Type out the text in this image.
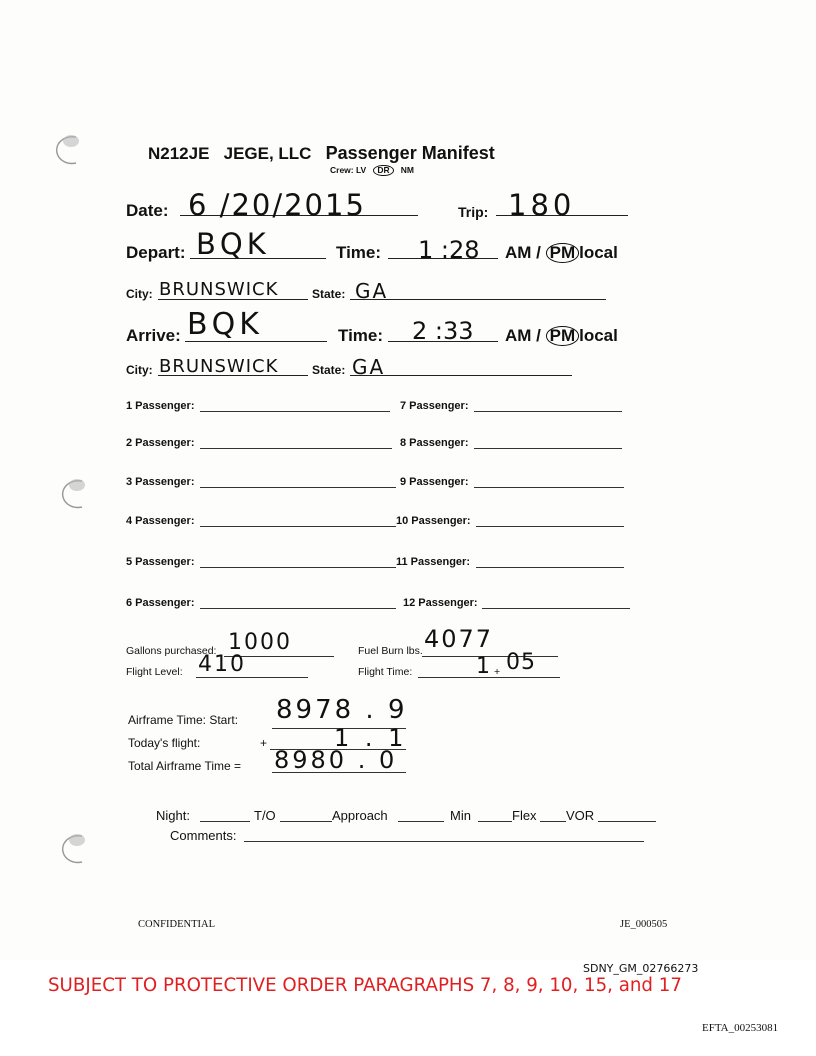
N212JE JEGE, LLC Passenger Manifest
Crew: LV DR NM
Date: 6 /20/2015	Trip: 180
Depart: BQK	Time: 1 :28 AM / PM local
City: BRUNSWICK	State: GA
Arrive: BQK	Time: 2 :33 AM / PM local
City: BRUNSWICK	State: GA
1 Passenger:
2 Passenger:
3 Passenger:
4 Passenger:
5 Passenger:
6 Passenger:
7 Passenger:
8 Passenger:
9 Passenger:
10 Passenger:
11 Passenger:
12 Passenger:
Gallons purchased: 1000	Fuel Burn lbs. 4077
Flight Level: 410	Flight Time:	1 + 05
Airframe Time: Start: 8978 . 9
Today's flight:	+	1 . 1
Total Airframe Time = 8980 . 0
Night:	T/O	Approach	Min	Flex VOR
Comments:
CONFIDENTIAL	JE_000505
SDNY_GM_02766273
SUBJECT TO PROTECTIVE ORDER PARAGRAPHS 7, 8, 9, 10, 15, and 17
EFTA_00253081
